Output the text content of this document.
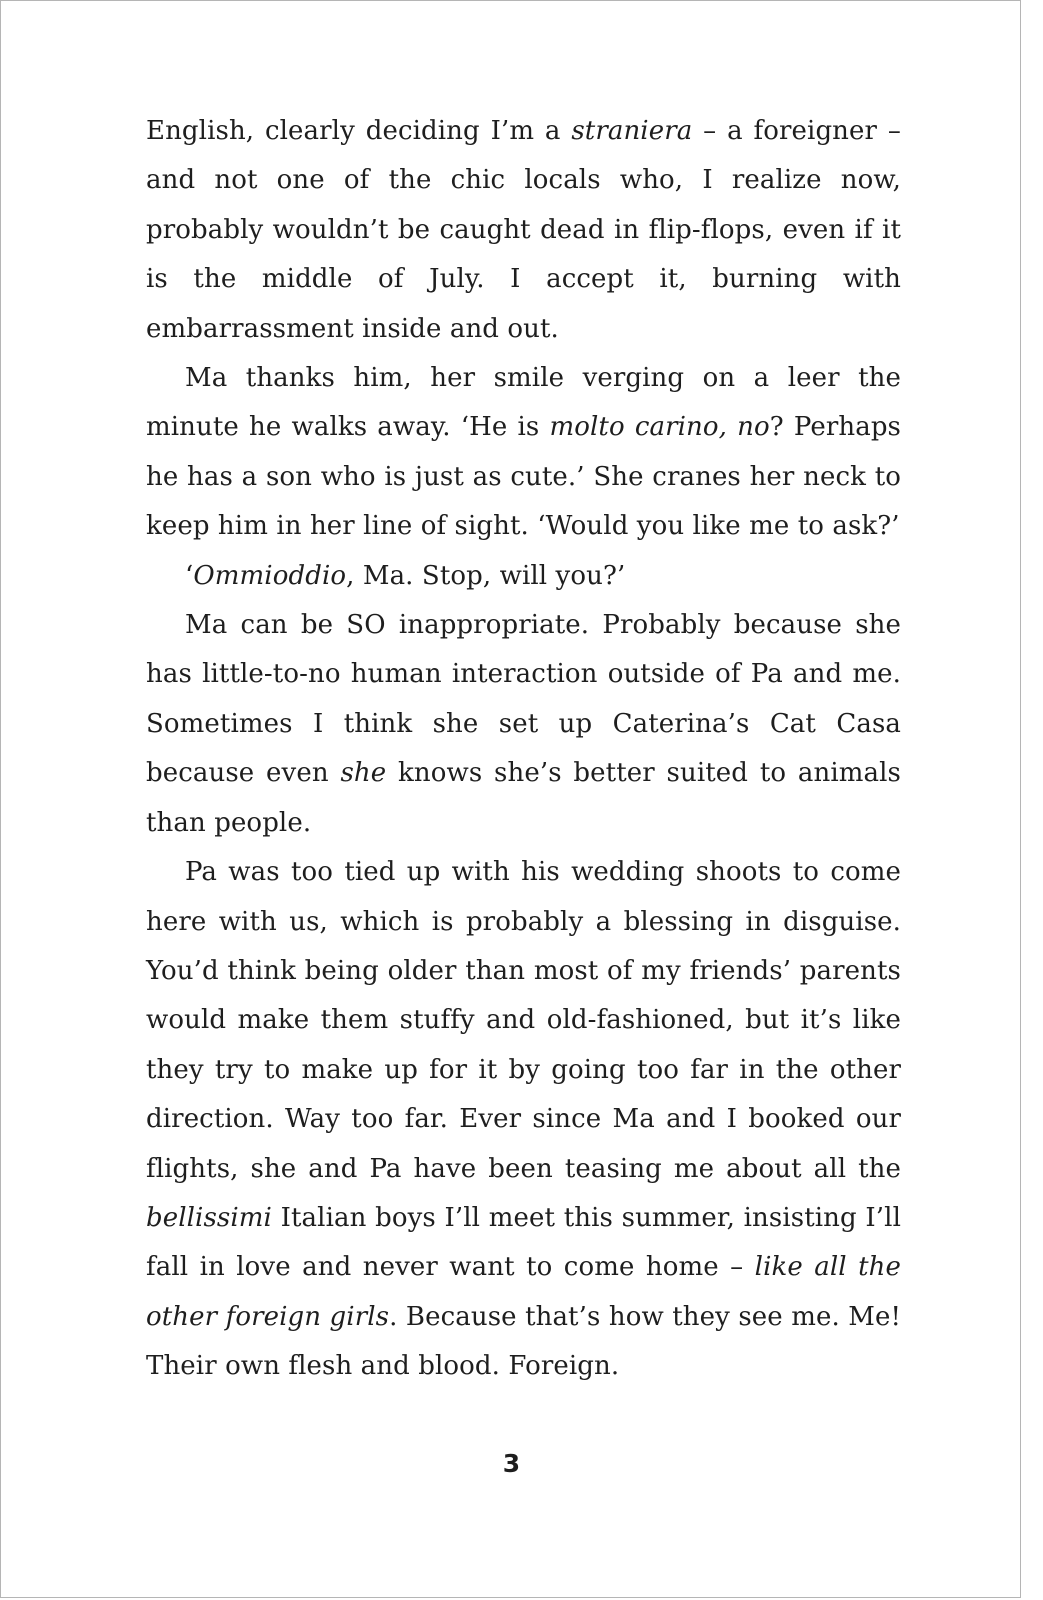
English, clearly deciding I’m a straniera – a foreigner – and not one of the chic locals who, I realize now, probably wouldn’t be caught dead in flip-flops, even if it is the middle of July. I accept it, burning with embarrassment inside and out.

Ma thanks him, her smile verging on a leer the minute he walks away. ‘He is molto carino, no? Perhaps he has a son who is just as cute.’ She cranes her neck to keep him in her line of sight. ‘Would you like me to ask?’

‘Ommioddio, Ma. Stop, will you?’

Ma can be SO inappropriate. Probably because she has little-to-no human interaction outside of Pa and me. Sometimes I think she set up Caterina’s Cat Casa because even she knows she’s better suited to animals than people.

Pa was too tied up with his wedding shoots to come here with us, which is probably a blessing in disguise. You’d think being older than most of my friends’ parents would make them stuffy and old-fashioned, but it’s like they try to make up for it by going too far in the other direction. Way too far. Ever since Ma and I booked our flights, she and Pa have been teasing me about all the bellissimi Italian boys I’ll meet this summer, insisting I’ll fall in love and never want to come home – like all the other foreign girls. Because that’s how they see me. Me! Their own flesh and blood. Foreign.

3
